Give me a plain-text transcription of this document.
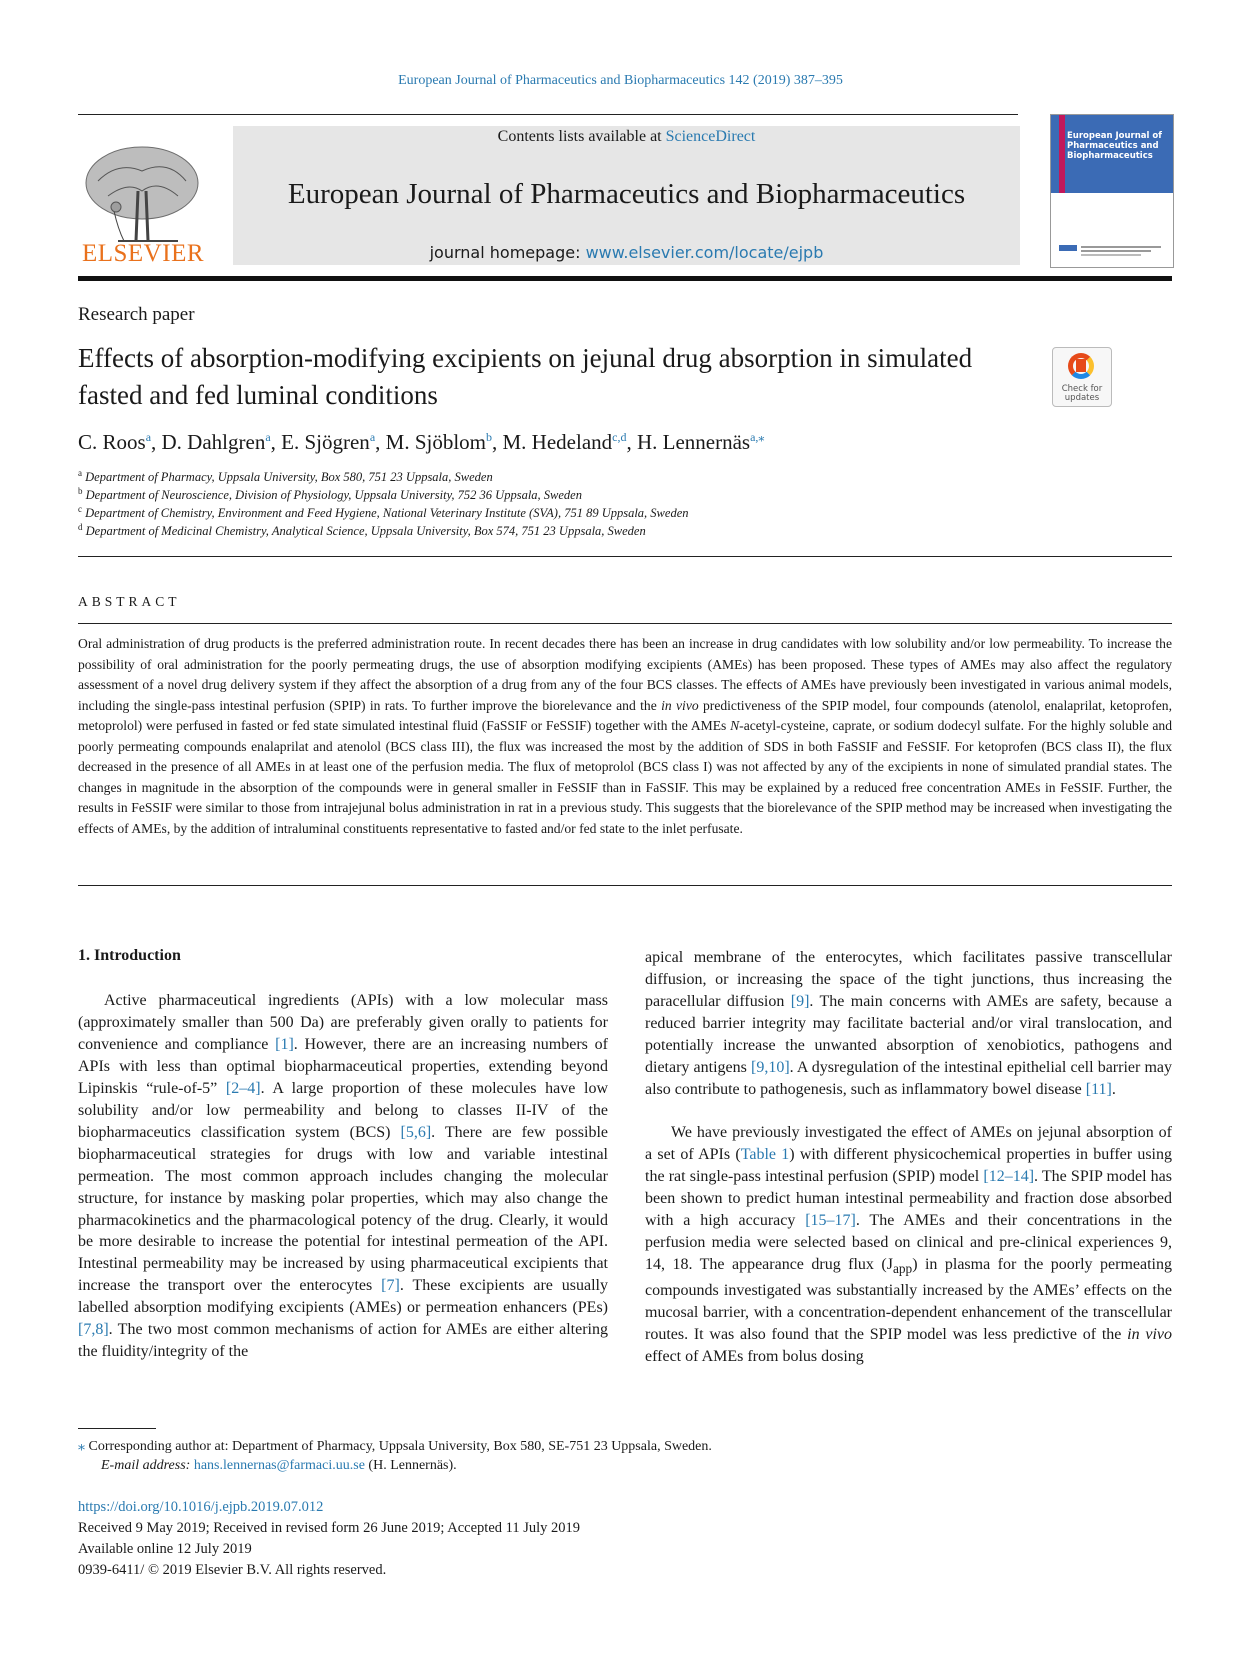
European Journal of Pharmaceutics and Biopharmaceutics 142 (2019) 387–395
ELSEVIER
Contents lists available at ScienceDirect
European Journal of Pharmaceutics and Biopharmaceutics
journal homepage: www.elsevier.com/locate/ejpb
European Journal of Pharmaceutics and Biopharmaceutics
Research paper
Effects of absorption-modifying excipients on jejunal drug absorption in simulated fasted and fed luminal conditions	Check for updates
C. Roos$^a$, D. Dahlgren$^a$, E. Sjögren$^a$, M. Sjöblom$^b$, M. Hedeland$^{c,d}$, H. Lennernäs$^{a,⁎}$
$^a$ Department of Pharmacy, Uppsala University, Box 580, 751 23 Uppsala, Sweden
$^b$ Department of Neuroscience, Division of Physiology, Uppsala University, 752 36 Uppsala, Sweden
$^c$ Department of Chemistry, Environment and Feed Hygiene, National Veterinary Institute (SVA), 751 89 Uppsala, Sweden
$^d$ Department of Medicinal Chemistry, Analytical Science, Uppsala University, Box 574, 751 23 Uppsala, Sweden
ABSTRACT
Oral administration of drug products is the preferred administration route. In recent decades there has been an increase in drug candidates with low solubility and/or low permeability. To increase the possibility of oral administration for the poorly permeating drugs, the use of absorption modifying excipients (AMEs) has been proposed. These types of AMEs may also affect the regulatory assessment of a novel drug delivery system if they affect the absorption of a drug from any of the four BCS classes. The effects of AMEs have previously been investigated in various animal models, including the single-pass intestinal perfusion (SPIP) in rats. To further improve the biorelevance and the in vivo predictiveness of the SPIP model, four compounds (atenolol, enalaprilat, ketoprofen, metoprolol) were perfused in fasted or fed state simulated intestinal fluid (FaSSIF or FeSSIF) together with the AMEs N-acetyl-cysteine, caprate, or sodium dodecyl sulfate. For the highly soluble and poorly permeating compounds enalaprilat and atenolol (BCS class III), the flux was increased the most by the addition of SDS in both FaSSIF and FeSSIF. For ketoprofen (BCS class II), the flux decreased in the presence of all AMEs in at least one of the perfusion media. The flux of metoprolol (BCS class I) was not affected by any of the excipients in none of simulated prandial states. The changes in magnitude in the absorption of the compounds were in general smaller in FeSSIF than in FaSSIF. This may be explained by a reduced free concentration AMEs in FeSSIF. Further, the results in FeSSIF were similar to those from intrajejunal bolus administration in rat in a previous study. This suggests that the biorelevance of the SPIP method may be increased when investigating the effects of AMEs, by the addition of intraluminal constituents representative to fasted and/or fed state to the inlet perfusate.
1. Introduction
Active pharmaceutical ingredients (APIs) with a low molecular mass (approximately smaller than 500 Da) are preferably given orally to patients for convenience and compliance [1]. However, there are an increasing numbers of APIs with less than optimal biopharmaceutical properties, extending beyond Lipinskis “rule-of-5” [2–4]. A large proportion of these molecules have low solubility and/or low permeability and belong to classes II-IV of the biopharmaceutics classification system (BCS) [5,6]. There are few possible biopharmaceutical strategies for drugs with low and variable intestinal permeation. The most common approach includes changing the molecular structure, for instance by masking polar properties, which may also change the pharmacokinetics and the pharmacological potency of the drug. Clearly, it would be more desirable to increase the potential for intestinal permeation of the API. Intestinal permeability may be increased by using pharmaceutical excipients that increase the transport over the enterocytes [7]. These excipients are usually labelled absorption modifying excipients (AMEs) or permeation enhancers (PEs) [7,8]. The two most common mechanisms of action for AMEs are either altering the fluidity/integrity of the
apical membrane of the enterocytes, which facilitates passive transcellular diffusion, or increasing the space of the tight junctions, thus increasing the paracellular diffusion [9]. The main concerns with AMEs are safety, because a reduced barrier integrity may facilitate bacterial and/or viral translocation, and potentially increase the unwanted absorption of xenobiotics, pathogens and dietary antigens [9,10]. A dysregulation of the intestinal epithelial cell barrier may also contribute to pathogenesis, such as inflammatory bowel disease [11].
We have previously investigated the effect of AMEs on jejunal absorption of a set of APIs (Table 1) with different physicochemical properties in buffer using the rat single-pass intestinal perfusion (SPIP) model [12–14]. The SPIP model has been shown to predict human intestinal permeability and fraction dose absorbed with a high accuracy [15–17]. The AMEs and their concentrations in the perfusion media were selected based on clinical and pre-clinical experiences 9, 14, 18. The appearance drug flux $(J_{app})$ in plasma for the poorly permeating compounds investigated was substantially increased by the AMEs’ effects on the mucosal barrier, with a concentration-dependent enhancement of the transcellular routes. It was also found that the SPIP model was less predictive of the in vivo effect of AMEs from bolus dosing
⁎ Corresponding author at: Department of Pharmacy, Uppsala University, Box 580, SE-751 23 Uppsala, Sweden.
E-mail address: hans.lennernas@farmaci.uu.se (H. Lennernäs).
https://doi.org/10.1016/j.ejpb.2019.07.012
Received 9 May 2019; Received in revised form 26 June 2019; Accepted 11 July 2019
Available online 12 July 2019
0939-6411/ © 2019 Elsevier B.V. All rights reserved.
